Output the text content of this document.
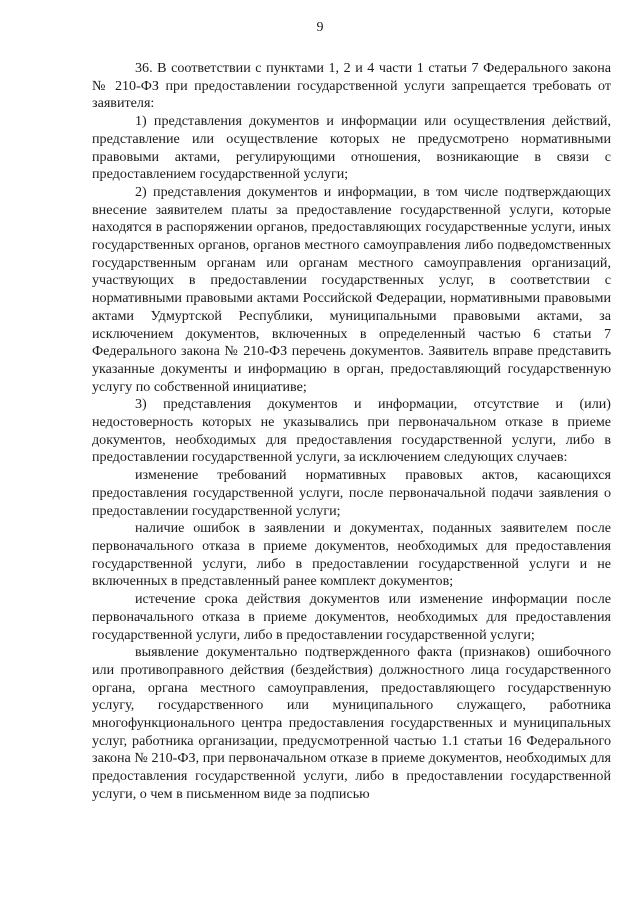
9

36. В соответствии с пунктами 1, 2 и 4 части 1 статьи 7 Федерального закона № 210-ФЗ при предоставлении государственной услуги запрещается требовать от заявителя:

1) представления документов и информации или осуществления действий, представление или осуществление которых не предусмотрено нормативными правовыми актами, регулирующими отношения, возникающие в связи с предоставлением государственной услуги;

2) представления документов и информации, в том числе подтверждающих внесение заявителем платы за предоставление государственной услуги, которые находятся в распоряжении органов, предоставляющих государственные услуги, иных государственных органов, органов местного самоуправления либо подведомственных государственным органам или органам местного самоуправления организаций, участвующих в предоставлении государственных услуг, в соответствии с нормативными правовыми актами Российской Федерации, нормативными правовыми актами Удмуртской Республики, муниципальными правовыми актами, за исключением документов, включенных в определенный частью 6 статьи 7 Федерального закона № 210-ФЗ перечень документов. Заявитель вправе представить указанные документы и информацию в орган, предоставляющий государственную услугу по собственной инициативе;

3) представления документов и информации, отсутствие и (или) недостоверность которых не указывались при первоначальном отказе в приеме документов, необходимых для предоставления государственной услуги, либо в предоставлении государственной услуги, за исключением следующих случаев:

изменение требований нормативных правовых актов, касающихся предоставления государственной услуги, после первоначальной подачи заявления о предоставлении государственной услуги;

наличие ошибок в заявлении и документах, поданных заявителем после первоначального отказа в приеме документов, необходимых для предоставления государственной услуги, либо в предоставлении государственной услуги и не включенных в представленный ранее комплект документов;

истечение срока действия документов или изменение информации после первоначального отказа в приеме документов, необходимых для предоставления государственной услуги, либо в предоставлении государственной услуги;

выявление документально подтвержденного факта (признаков) ошибочного или противоправного действия (бездействия) должностного лица государственного органа, органа местного самоуправления, предоставляющего государственную услугу, государственного или муниципального служащего, работника многофункционального центра предоставления государственных и муниципальных услуг, работника организации, предусмотренной частью 1.1 статьи 16 Федерального закона № 210-ФЗ, при первоначальном отказе в приеме документов, необходимых для предоставления государственной услуги, либо в предоставлении государственной услуги, о чем в письменном виде за подписью
